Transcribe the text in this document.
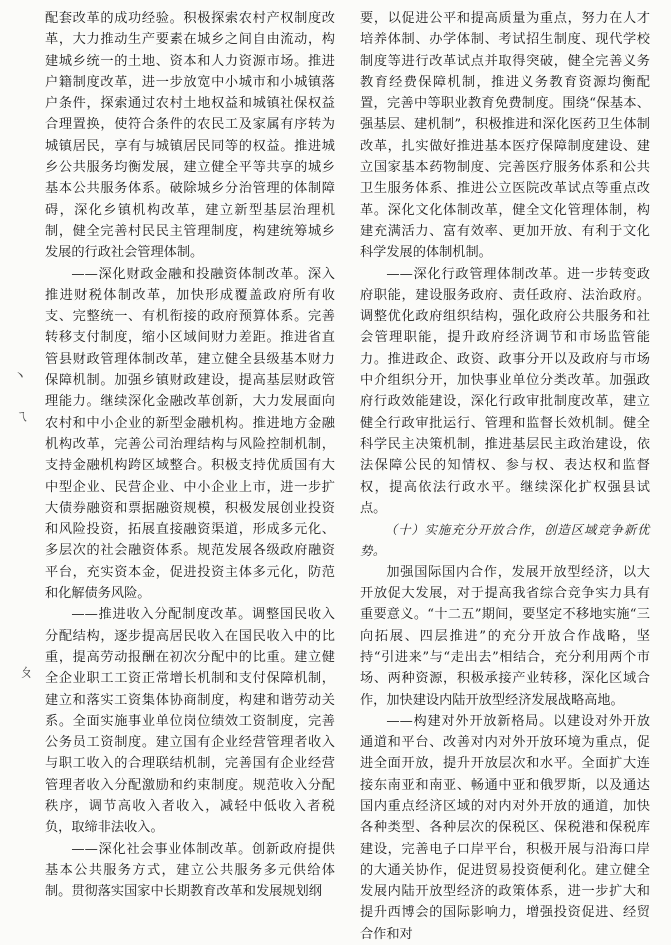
配套改革的成功经验。积极探索农村产权制度改革，大力推动生产要素在城乡之间自由流动，构建城乡统一的土地、资本和人力资源市场。推进户籍制度改革，进一步放宽中小城市和小城镇落户条件，探索通过农村土地权益和城镇社保权益合理置换，使符合条件的农民工及家属有序转为城镇居民，享有与城镇居民同等的权益。推进城乡公共服务均衡发展，建立健全平等共享的城乡基本公共服务体系。破除城乡分治管理的体制障碍，深化乡镇机构改革，建立新型基层治理机制，健全完善村民民主管理制度，构建统筹城乡发展的行政社会管理体制。

——深化财政金融和投融资体制改革。深入推进财税体制改革，加快形成覆盖政府所有收支、完整统一、有机衔接的政府预算体系。完善转移支付制度，缩小区域间财力差距。推进省直管县财政管理体制改革，建立健全县级基本财力保障机制。加强乡镇财政建设，提高基层财政管理能力。继续深化金融改革创新，大力发展面向农村和中小企业的新型金融机构。推进地方金融机构改革，完善公司治理结构与风险控制机制，支持金融机构跨区域整合。积极支持优质国有大中型企业、民营企业、中小企业上市，进一步扩大债券融资和票据融资规模，积极发展创业投资和风险投资，拓展直接融资渠道，形成多元化、多层次的社会融资体系。规范发展各级政府融资平台，充实资本金，促进投资主体多元化，防范和化解债务风险。

——推进收入分配制度改革。调整国民收入分配结构，逐步提高居民收入在国民收入中的比重，提高劳动报酬在初次分配中的比重。建立健全企业职工工资正常增长机制和支付保障机制，建立和落实工资集体协商制度，构建和谐劳动关系。全面实施事业单位岗位绩效工资制度，完善公务员工资制度。建立国有企业经营管理者收入与职工收入的合理联结机制，完善国有企业经营管理者收入分配激励和约束制度。规范收入分配秩序，调节高收入者收入，减轻中低收入者税负，取缔非法收入。

——深化社会事业体制改革。创新政府提供基本公共服务方式，建立公共服务多元供给体制。贯彻落实国家中长期教育改革和发展规划纲

要，以促进公平和提高质量为重点，努力在人才培养体制、办学体制、考试招生制度、现代学校制度等进行改革试点并取得突破，健全完善义务教育经费保障机制，推进义务教育资源均衡配置，完善中等职业教育免费制度。围绕“保基本、强基层、建机制”，积极推进和深化医药卫生体制改革，扎实做好推进基本医疗保障制度建设、建立国家基本药物制度、完善医疗服务体系和公共卫生服务体系、推进公立医院改革试点等重点改革。深化文化体制改革，健全文化管理体制，构建充满活力、富有效率、更加开放、有利于文化科学发展的体制机制。

——深化行政管理体制改革。进一步转变政府职能，建设服务政府、责任政府、法治政府。调整优化政府组织结构，强化政府公共服务和社会管理职能，提升政府经济调节和市场监管能力。推进政企、政资、政事分开以及政府与市场中介组织分开，加快事业单位分类改革。加强政府行政效能建设，深化行政审批制度改革，建立健全行政审批运行、管理和监督长效机制。健全科学民主决策机制，推进基层民主政治建设，依法保障公民的知情权、参与权、表达权和监督权，提高依法行政水平。继续深化扩权强县试点。

（十）实施充分开放合作，创造区域竞争新优势。

加强国际国内合作，发展开放型经济，以大开放促大发展，对于提高我省综合竞争实力具有重要意义。“十二五”期间，要坚定不移地实施“三向拓展、四层推进”的充分开放合作战略，坚持“引进来”与“走出去”相结合，充分利用两个市场、两种资源，积极承接产业转移，深化区域合作，加快建设内陆开放型经济发展战略高地。

——构建对外开放新格局。以建设对外开放通道和平台、改善对内对外开放环境为重点，促进全面开放，提升开放层次和水平。全面扩大连接东南亚和南亚、畅通中亚和俄罗斯，以及通达国内重点经济区域的对内对外开放的通道，加快各种类型、各种层次的保税区、保税港和保税库建设，完善电子口岸平台，积极开展与沿海口岸的大通关协作，促进贸易投资便利化。建立健全发展内陆开放型经济的政策体系，进一步扩大和提升西博会的国际影响力，增强投资促进、经贸合作和对

丶
ㄟ
ㄆ
